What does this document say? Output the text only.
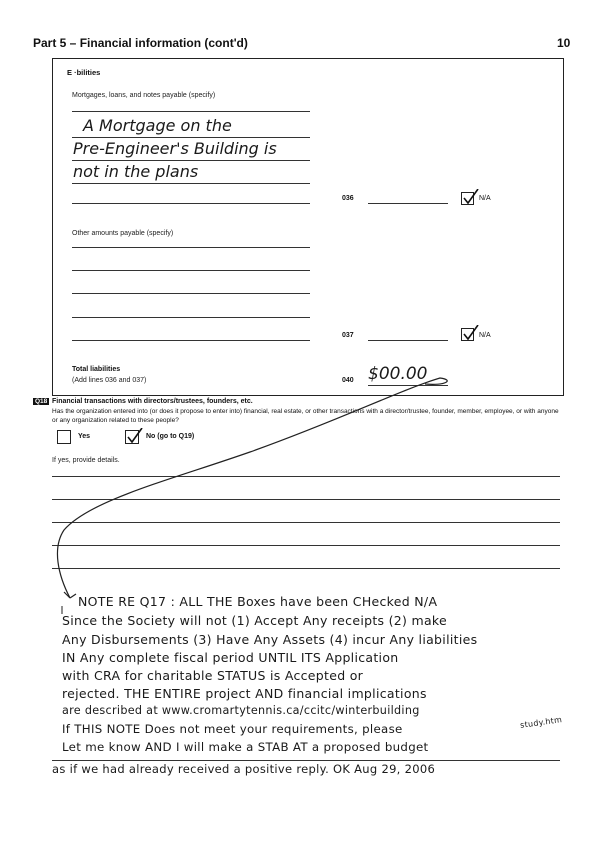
Part 5 – Financial information (cont'd)	10
E ·bilities
Mortgages, loans, and notes payable (specify)
A Mortgage on the
Pre-Engineer's Building is
not in the plans
036	N/A
Other amounts payable (specify)
037	N/A
Total liabilities
(Add lines 036 and 037)	040 $00.00
Q18 Financial transactions with directors/trustees, founders, etc.
Has the organization entered into (or does it propose to enter into) financial, real estate, or other transactions with a director/trustee, founder, member, employee, or with anyone or any organization related to these people?
Yes	No (go to Q19)
If yes, provide details.
NOTE RE Q17 : ALL THE Boxes have been CHecked N/A
Since the Society will not (1) Accept Any receipts (2) make
Any Disbursements (3) Have Any Assets (4) incur Any liabilities
IN Any complete fiscal period UNTIL ITS Application
with CRA for charitable STATUS is Accepted or
rejected. THE ENTIRE project AND financial implications
are described at www.cromartytennis.ca/ccitc/winterbuilding
If THIS NOTE Does not meet your requirements, please	study.htm
Let me know AND I will make a STAB AT a proposed budget
as if we had already received a positive reply. OK Aug 29, 2006
